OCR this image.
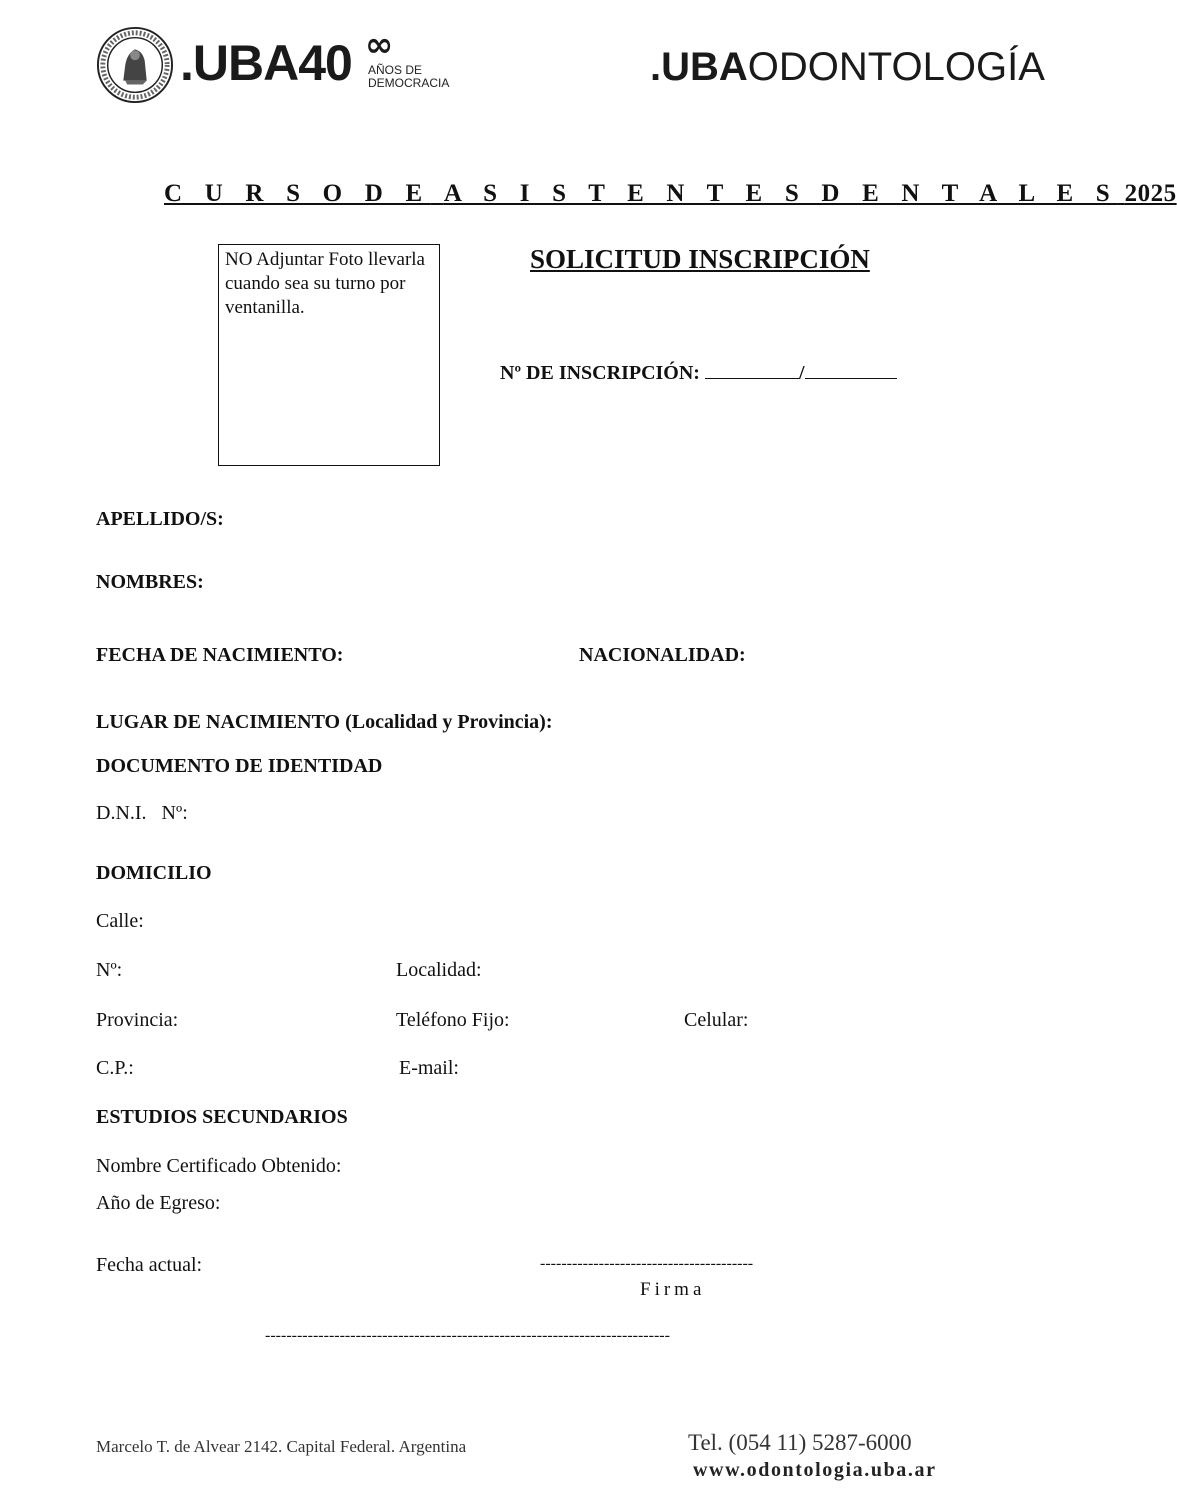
.UBA40 ∞
AÑOS DE
DEMOCRACIA	.UBAODONTOLOGÍA
C U R S O D E A S I S T E N T E S D E N T A L E S 2025
NO Adjuntar Foto llevarla cuando sea su turno por ventanilla.
SOLICITUD INSCRIPCIÓN
Nº DE INSCRIPCIÓN:	/
APELLIDO/S:
NOMBRES:
FECHA DE NACIMIENTO:	NACIONALIDAD:
LUGAR DE NACIMIENTO (Localidad y Provincia):
DOCUMENTO DE IDENTIDAD
D.N.I.   Nº:
DOMICILIO
Calle:
Nº:	Localidad:
Provincia:	Teléfono Fijo:	Celular:
C.P.:	E-mail:
ESTUDIOS SECUNDARIOS
Nombre Certificado Obtenido:
Año de Egreso:
Fecha actual:	----------------------------------------
Firma
----------------------------------------------------------------------------
Marcelo T. de Alvear 2142. Capital Federal. Argentina	Tel. (054 11) 5287-6000
www.odontologia.uba.ar
